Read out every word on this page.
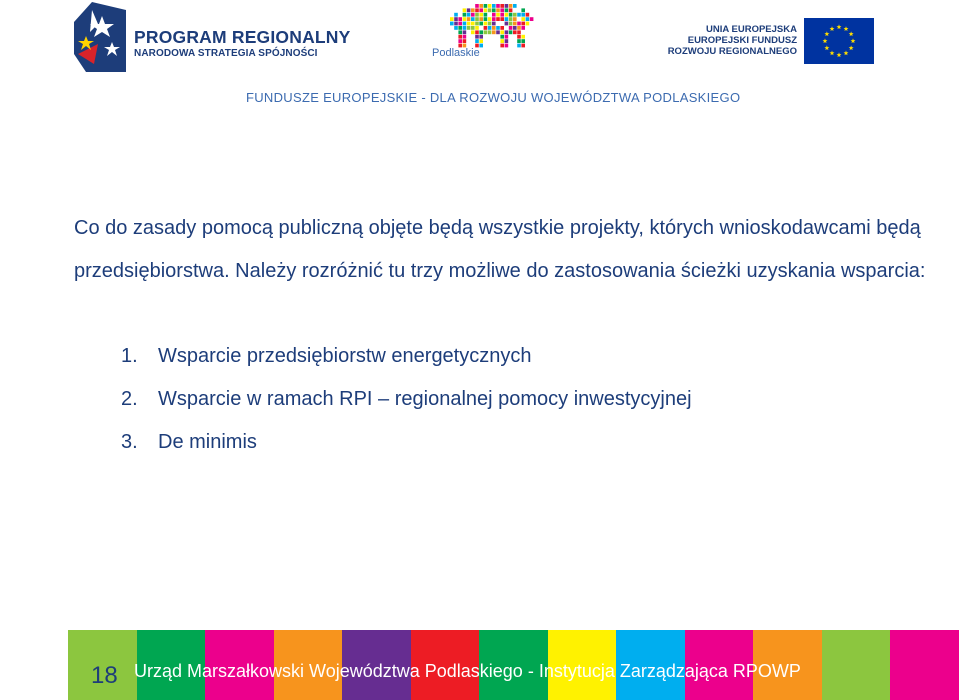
PROGRAM REGIONALNY
NARODOWA STRATEGIA SPÓJNOŚCI	Podlaskie
UNIA EUROPEJSKA
EUROPEJSKI FUNDUSZ
ROZWOJU REGIONALNEGO
FUNDUSZE EUROPEJSKIE - DLA ROZWOJU WOJEWÓDZTWA PODLASKIEGO

Co do zasady pomocą publiczną objęte będą wszystkie projekty, których wnioskodawcami będą przedsiębiorstwa. Należy rozróżnić tu trzy możliwe do zastosowania ścieżki uzyskania wsparcia:

1. Wsparcie przedsiębiorstw energetycznych
2. Wsparcie w ramach RPI – regionalnej pomocy inwestycyjnej
3. De minimis
18 Urząd Marszałkowski Województwa Podlaskiego - Instytucja Zarządzająca RPOWP
